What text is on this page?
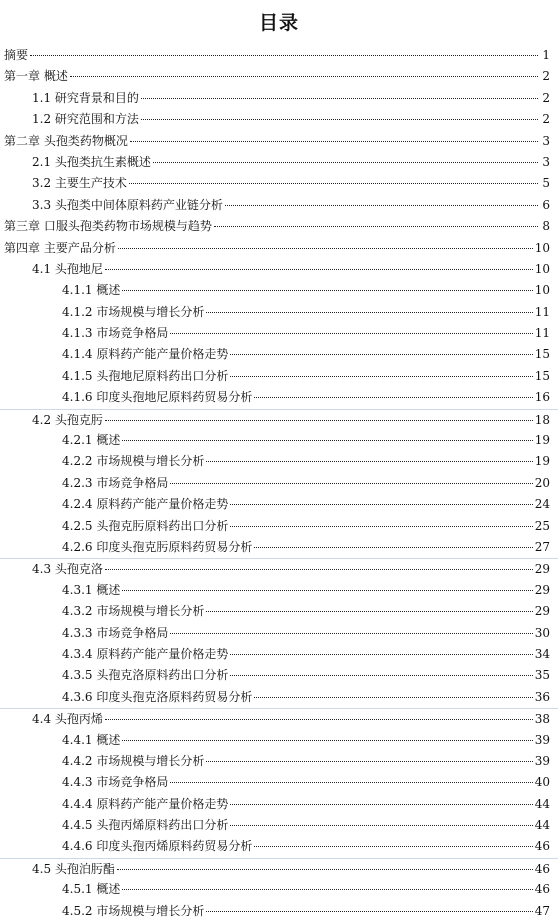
目录
摘要	1
第一章 概述	2
1.1 研究背景和目的	2
1.2 研究范围和方法	2
第二章 头孢类药物概况	3
2.1 头孢类抗生素概述	3
3.2 主要生产技术	5
3.3 头孢类中间体原料药产业链分析	6
第三章 口服头孢类药物市场规模与趋势	8
第四章 主要产品分析	10
4.1 头孢地尼	10
4.1.1 概述	10
4.1.2 市场规模与增长分析	11
4.1.3 市场竞争格局	11
4.1.4 原料药产能产量价格走势	15
4.1.5 头孢地尼原料药出口分析	15
4.1.6 印度头孢地尼原料药贸易分析	16
4.2 头孢克肟	18
4.2.1 概述	19
4.2.2 市场规模与增长分析	19
4.2.3 市场竞争格局	20
4.2.4 原料药产能产量价格走势	24
4.2.5 头孢克肟原料药出口分析	25
4.2.6 印度头孢克肟原料药贸易分析	27
4.3 头孢克洛	29
4.3.1 概述	29
4.3.2 市场规模与增长分析	29
4.3.3 市场竞争格局	30
4.3.4 原料药产能产量价格走势	34
4.3.5 头孢克洛原料药出口分析	35
4.3.6 印度头孢克洛原料药贸易分析	36
4.4 头孢丙烯	38
4.4.1 概述	39
4.4.2 市场规模与增长分析	39
4.4.3 市场竞争格局	40
4.4.4 原料药产能产量价格走势	44
4.4.5 头孢丙烯原料药出口分析	44
4.4.6 印度头孢丙烯原料药贸易分析	46
4.5 头孢泊肟酯	46
4.5.1 概述	46
4.5.2 市场规模与增长分析	47
